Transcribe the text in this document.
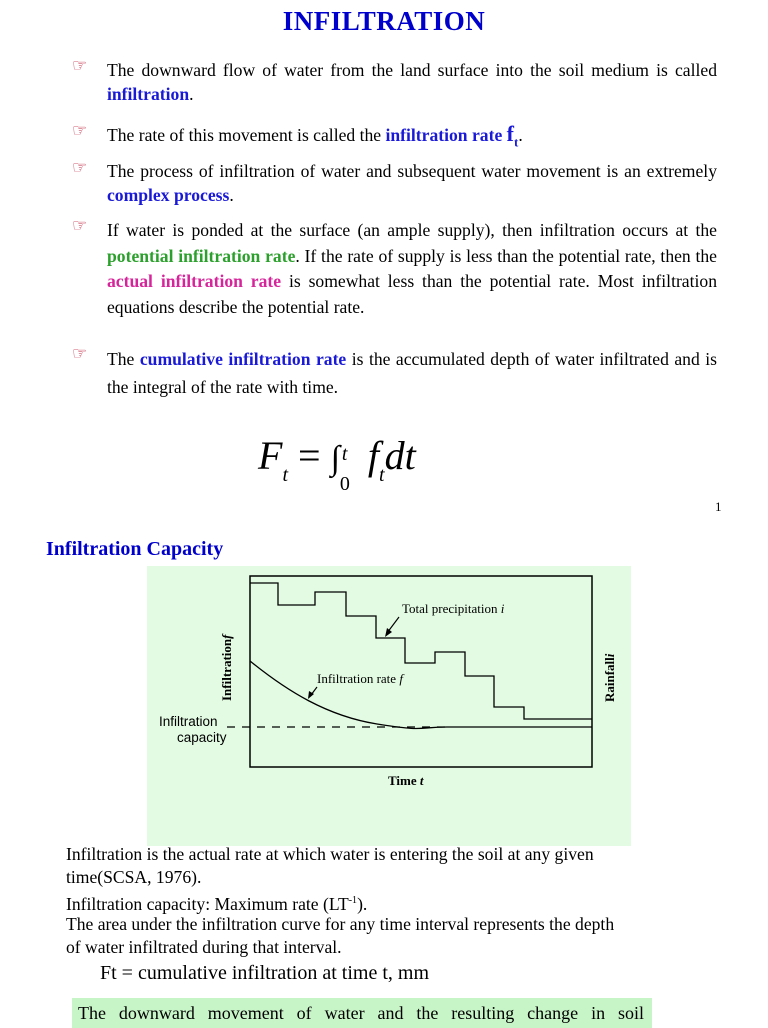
INFILTRATION
☞ The downward flow of water from the land surface into the soil medium is called infiltration.
☞ The rate of this movement is called the infiltration rate $f_t$.
☞ The process of infiltration of water and subsequent water movement is an extremely complex process.
☞ If water is ponded at the surface (an ample supply), then infiltration occurs at the potential infiltration rate. If the rate of supply is less than the potential rate, then the actual infiltration rate is somewhat less than the potential rate. Most infiltration equations describe the potential rate.
☞ The cumulative infiltration rate is the accumulated depth of water infiltrated and is the integral of the rate with time.
$F_t$ = ∫ t
0
$f_tdt$
1
Infiltration Capacity
Total precipitation i
Infiltration rate f
Infiltration
capacity
Time t
Infiltrationf
Rainfalli
Infiltration is the actual rate at which water is entering the soil at any given
time(SCSA, 1976).
Infiltration capacity: Maximum rate $(LT^{-1})$.
The area under the infiltration curve for any time interval represents the depth
of water infiltrated during that interval.
Ft = cumulative infiltration at time t, mm
The downward movement of water and the resulting change in soil
